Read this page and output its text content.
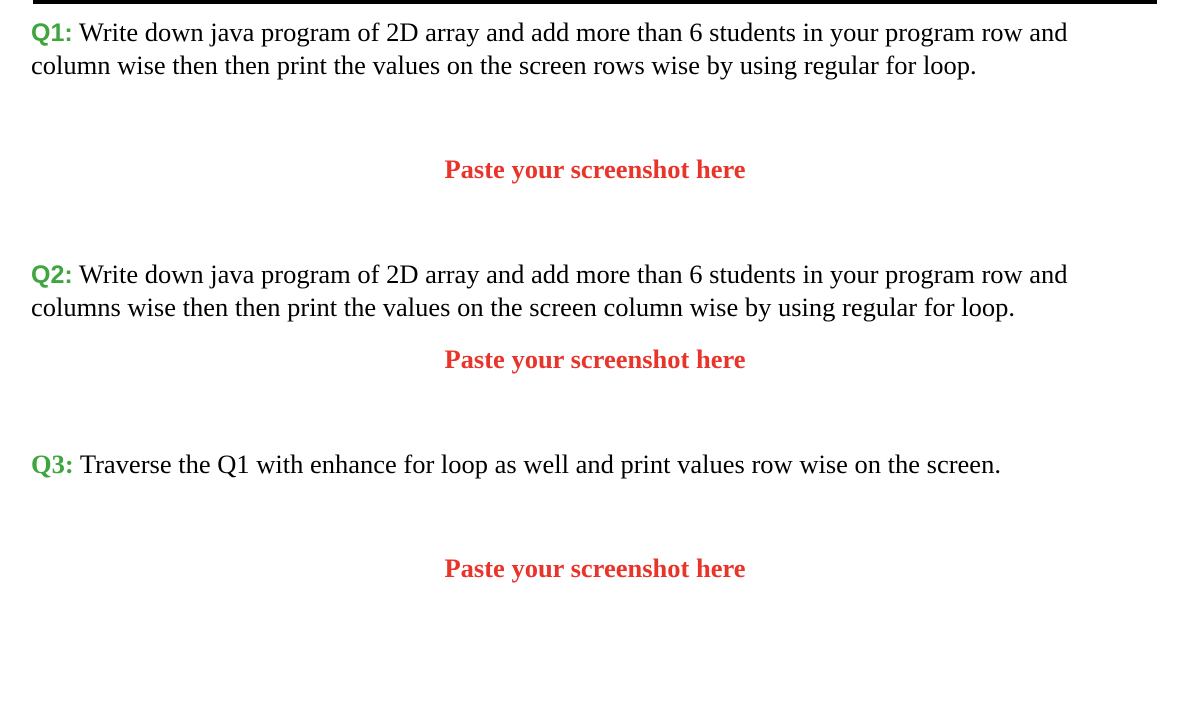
Q1: Write down java program of 2D array and add more than 6 students in your program row and column wise then then print the values on the screen rows wise by using regular for loop.

Paste your screenshot here

Q2: Write down java program of 2D array and add more than 6 students in your program row and columns wise then then print the values on the screen column wise by using regular for loop.

Paste your screenshot here

Q3: Traverse the Q1 with enhance for loop as well and print values row wise on the screen.

Paste your screenshot here
